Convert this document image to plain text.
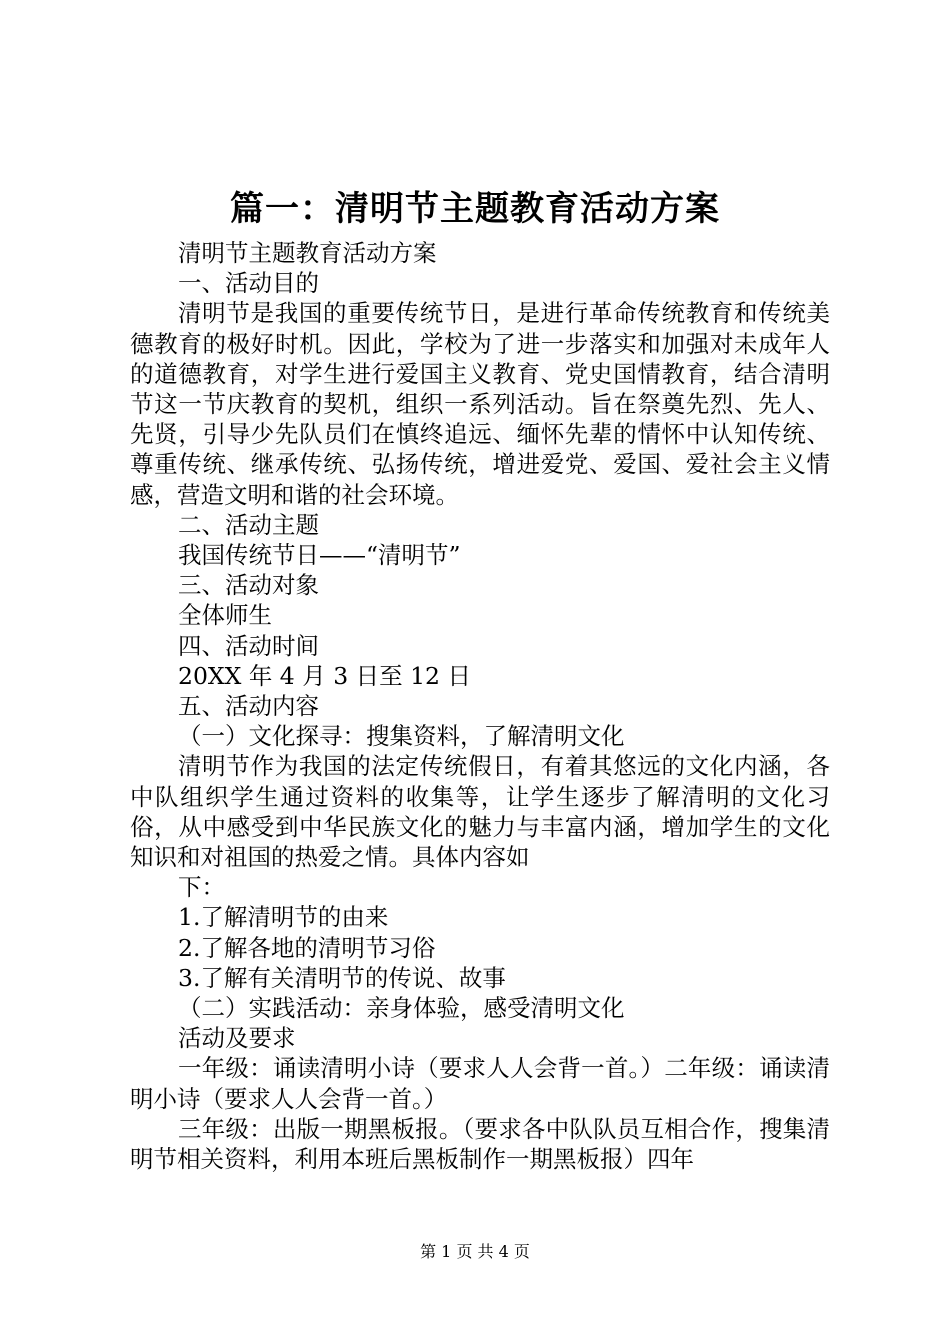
篇一：清明节主题教育活动方案

清明节主题教育活动方案

一、活动目的

清明节是我国的重要传统节日，是进行革命传统教育和传统美德教育的极好时机。因此，学校为了进一步落实和加强对未成年人的道德教育，对学生进行爱国主义教育、党史国情教育，结合清明节这一节庆教育的契机，组织一系列活动。旨在祭奠先烈、先人、先贤，引导少先队员们在慎终追远、缅怀先辈的情怀中认知传统、尊重传统、继承传统、弘扬传统，增进爱党、爱国、爱社会主义情感，营造文明和谐的社会环境。

二、活动主题

我国传统节日——“清明节”

三、活动对象

全体师生

四、活动时间

20XX 年 4 月 3 日至 12 日

五、活动内容

（一）文化探寻：搜集资料，了解清明文化

清明节作为我国的法定传统假日，有着其悠远的文化内涵，各中队组织学生通过资料的收集等，让学生逐步了解清明的文化习俗，从中感受到中华民族文化的魅力与丰富内涵，增加学生的文化知识和对祖国的热爱之情。具体内容如

下：

1.了解清明节的由来

2.了解各地的清明节习俗

3.了解有关清明节的传说、故事

（二）实践活动：亲身体验，感受清明文化

活动及要求

一年级：诵读清明小诗（要求人人会背一首。）二年级：诵读清明小诗（要求人人会背一首。）

三年级：出版一期黑板报。（要求各中队队员互相合作，搜集清明节相关资料，利用本班后黑板制作一期黑板报）四年

第 1 页 共 4 页
